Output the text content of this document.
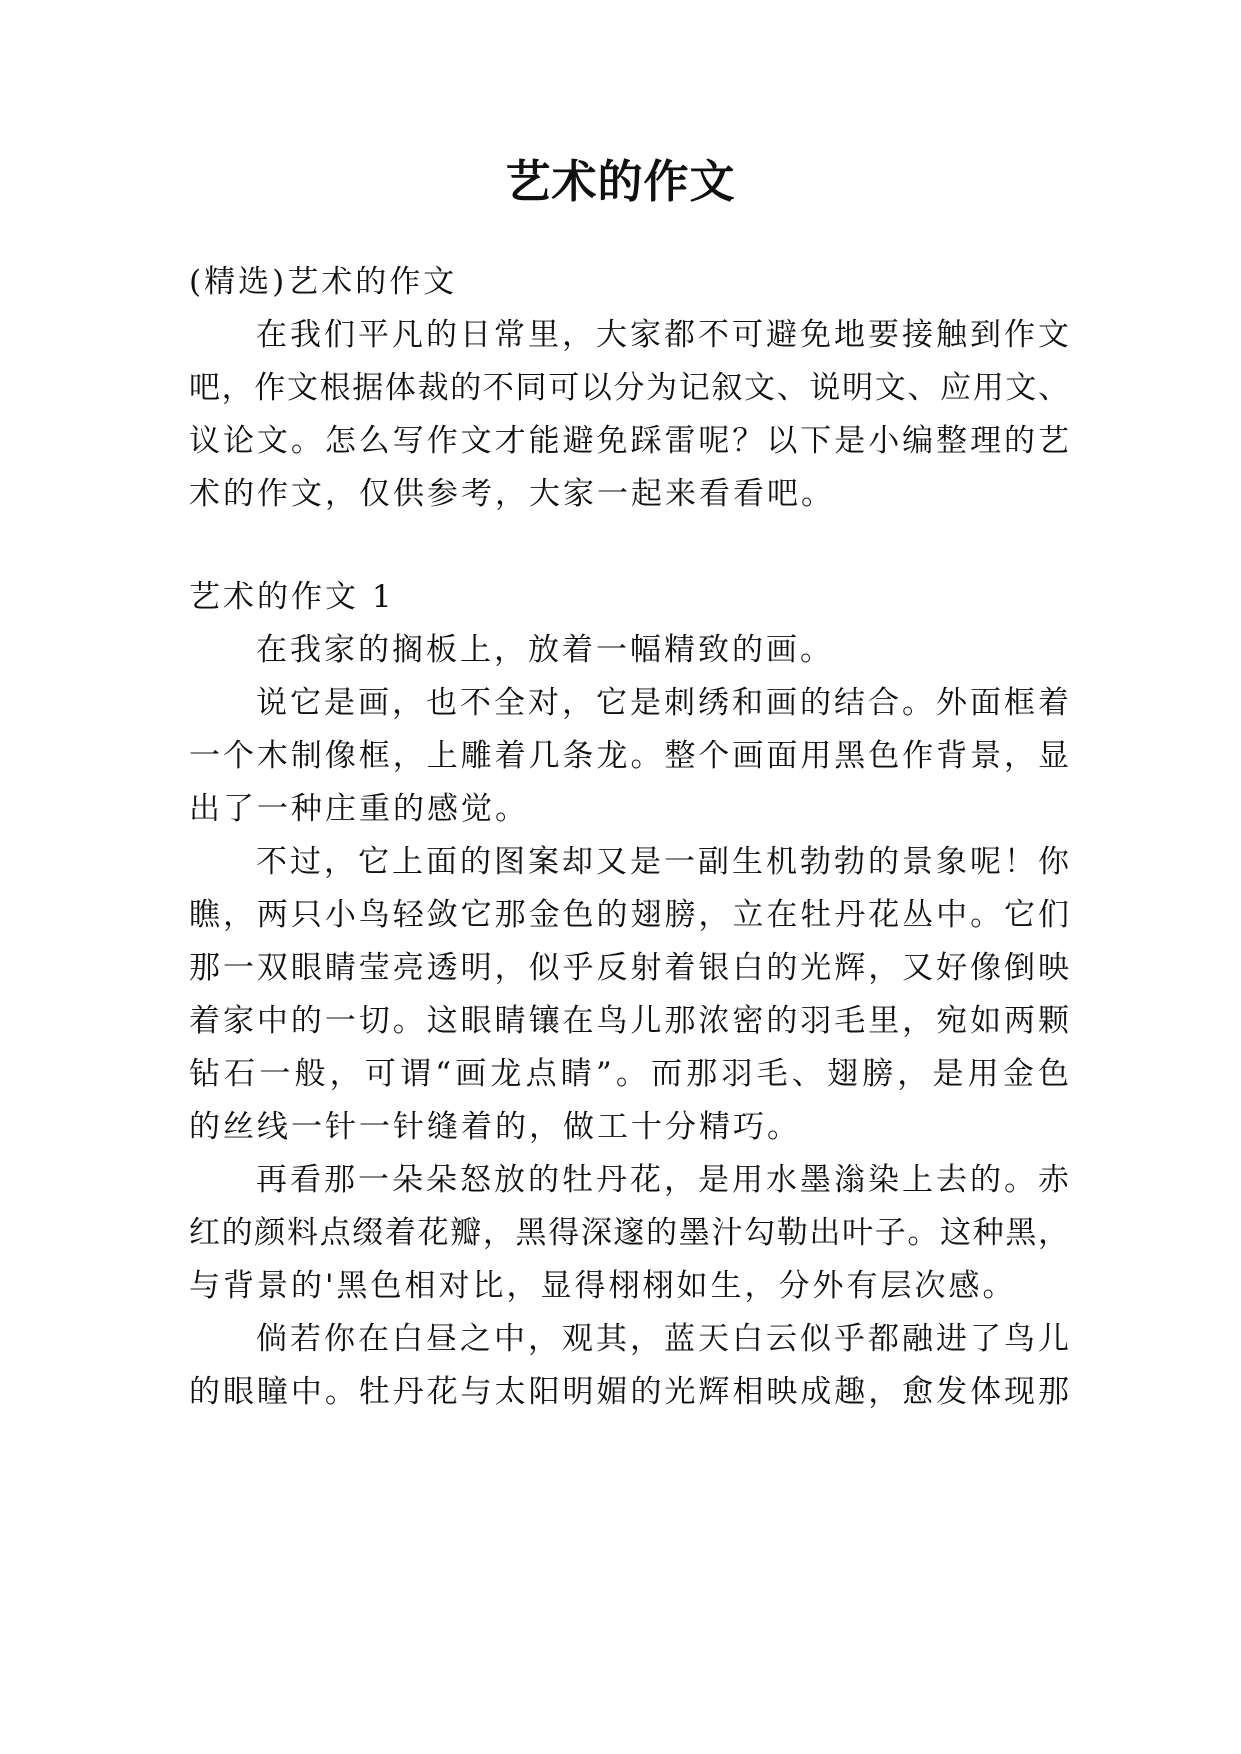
艺术的作文
(精选)艺术的作文
在我们平凡的日常里，大家都不可避免地要接触到作文
吧，作文根据体裁的不同可以分为记叙文、说明文、应用文、
议论文。怎么写作文才能避免踩雷呢？以下是小编整理的艺
术的作文，仅供参考，大家一起来看看吧。
艺术的作文 1
在我家的搁板上，放着一幅精致的画。
说它是画，也不全对，它是刺绣和画的结合。外面框着
一个木制像框，上雕着几条龙。整个画面用黑色作背景，显
出了一种庄重的感觉。
不过，它上面的图案却又是一副生机勃勃的景象呢！你
瞧，两只小鸟轻敛它那金色的翅膀，立在牡丹花丛中。它们
那一双眼睛莹亮透明，似乎反射着银白的光辉，又好像倒映
着家中的一切。这眼睛镶在鸟儿那浓密的羽毛里，宛如两颗
钻石一般，可谓“画龙点睛”。而那羽毛、翅膀，是用金色
的丝线一针一针缝着的，做工十分精巧。
再看那一朵朵怒放的牡丹花，是用水墨滃染上去的。赤
红的颜料点缀着花瓣，黑得深邃的墨汁勾勒出叶子。这种黑，
与背景的'黑色相对比，显得栩栩如生，分外有层次感。
倘若你在白昼之中，观其，蓝天白云似乎都融进了鸟儿
的眼瞳中。牡丹花与太阳明媚的光辉相映成趣，愈发体现那
